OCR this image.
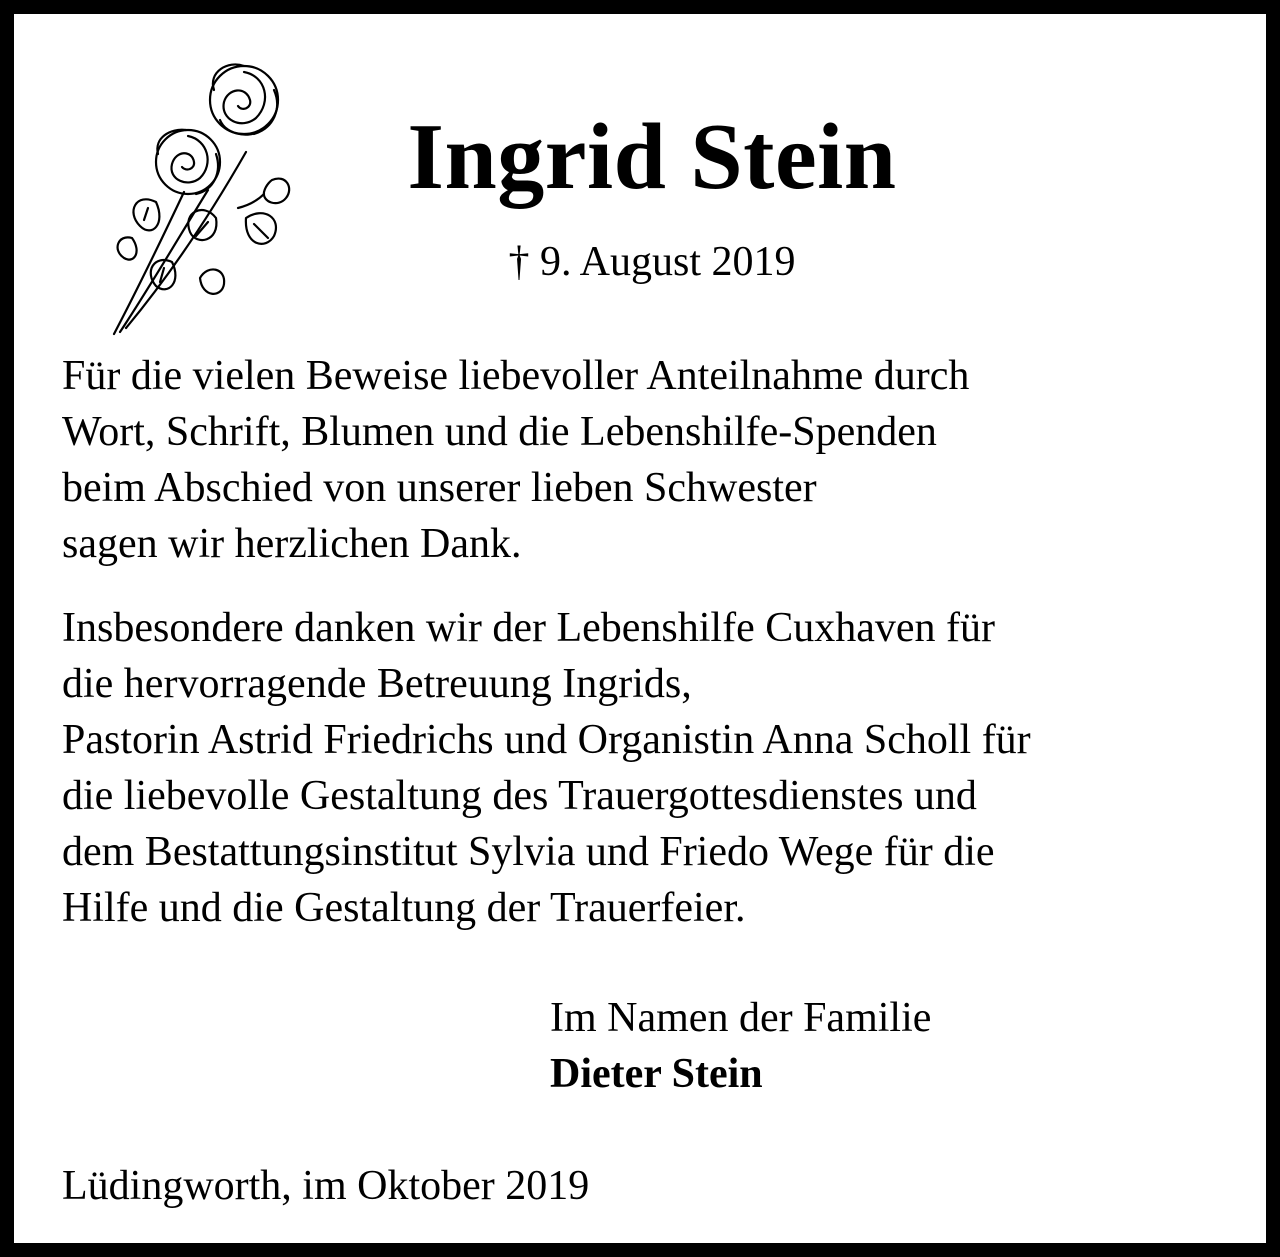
Ingrid Stein
† 9. August 2019
Für die vielen Beweise liebevoller Anteilnahme durch
Wort, Schrift, Blumen und die Lebenshilfe-Spenden
beim Abschied von unserer lieben Schwester
sagen wir herzlichen Dank.
Insbesondere danken wir der Lebenshilfe Cuxhaven für
die hervorragende Betreuung Ingrids,
Pastorin Astrid Friedrichs und Organistin Anna Scholl für
die liebevolle Gestaltung des Trauergottesdienstes und
dem Bestattungsinstitut Sylvia und Friedo Wege für die
Hilfe und die Gestaltung der Trauerfeier.
Im Namen der Familie
Dieter Stein
Lüdingworth, im Oktober 2019
